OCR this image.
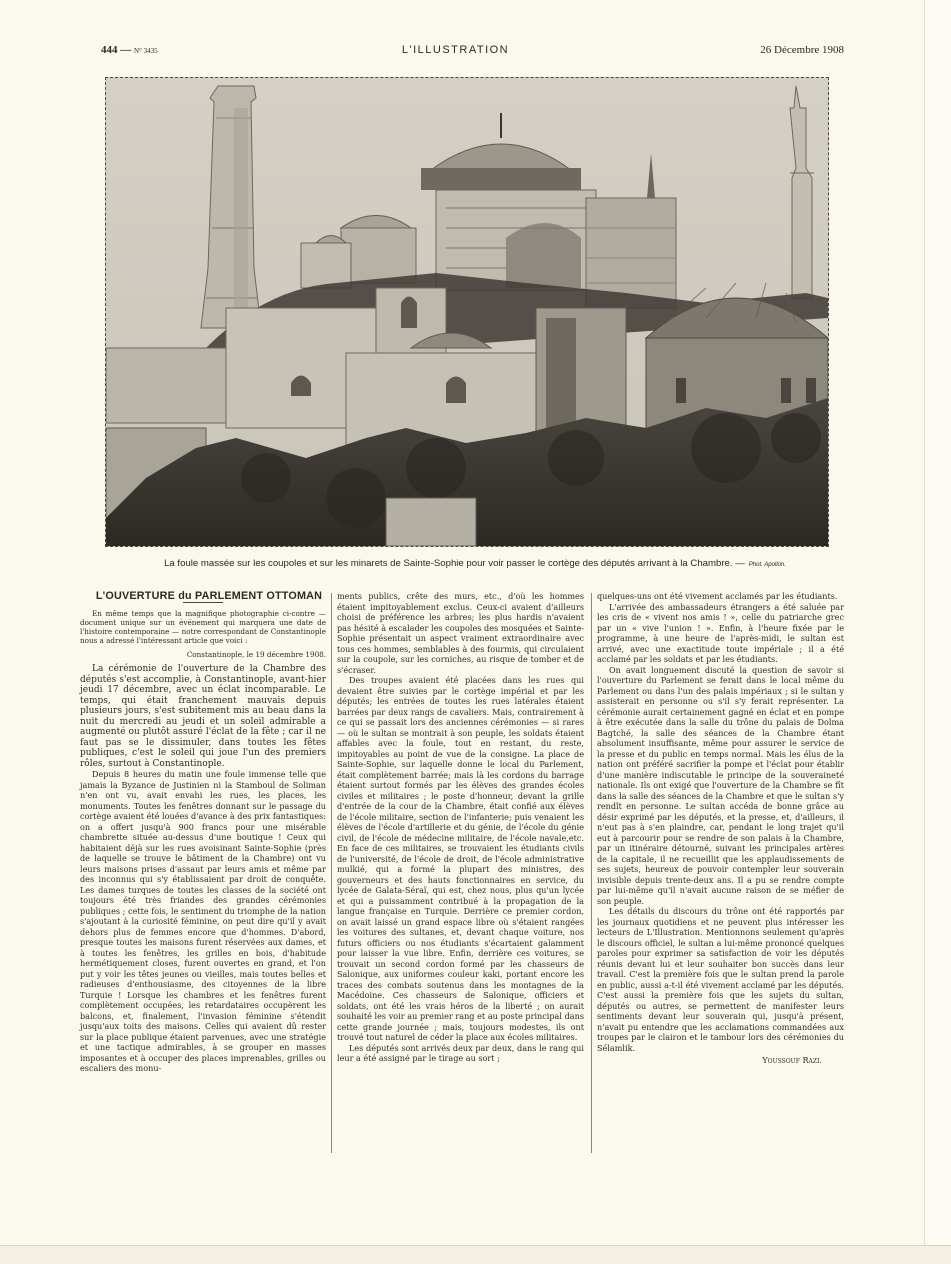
444 — N° 3435	L'ILLUSTRATION	26 Décembre 1908
La foule massée sur les coupoles et sur les minarets de Sainte-Sophie pour voir passer le cortège des députés arrivant à la Chambre. — Phot. Apollon.

L'OUVERTURE du PARLEMENT OTTOMAN

En même temps que la magnifique photographie ci-contre — document unique sur un événement qui marquera une date de l'histoire contemporaine — notre correspondant de Constantinople nous a adressé l'intéressant article que voici :

Constantinople, le 19 décembre 1908.

La cérémonie de l'ouverture de la Chambre des députés s'est accomplie, à Constantinople, avant-hier jeudi 17 décembre, avec un éclat incomparable. Le temps, qui était franchement mauvais depuis plusieurs jours, s'est subitement mis au beau dans la nuit du mercredi au jeudi et un soleil admirable a augmenté ou plutôt assuré l'éclat de la fête ; car il ne faut pas se le dissimuler, dans toutes les fêtes publiques, c'est le soleil qui joue l'un des premiers rôles, surtout à Constantinople.

Depuis 8 heures du matin une foule immense telle que jamais la Byzance de Justinien ni la Stamboul de Soliman n'en ont vu, avait envahi les rues, les places, les monuments. Toutes les fenêtres donnant sur le passage du cortège avaient été louées d'avance à des prix fantastiques: on a offert jusqu'à 900 francs pour une misérable chambrette située au-dessus d'une boutique ! Ceux qui habitaient déjà sur les rues avoisinant Sainte-Sophie (près de laquelle se trouve le bâtiment de la Chambre) ont vu leurs maisons prises d'assaut par leurs amis et même par des inconnus qui s'y établissaient par droit de conquête. Les dames turques de toutes les classes de la société ont toujours été très friandes des grandes cérémonies publiques ; cette fois, le sentiment du triomphe de la nation s'ajoutant à la curiosité féminine, on peut dire qu'il y avait dehors plus de femmes encore que d'hommes. D'abord, presque toutes les maisons furent réservées aux dames, et à toutes les fenêtres, les grilles en bois, d'habitude hermétiquement closes, furent ouvertes en grand, et l'on put y voir les têtes jeunes ou vieilles, mais toutes belles et radieuses d'enthousiasme, des citoyennes de la libre Turquie ! Lorsque les chambres et les fenêtres furent complètement occupées, les retardataires occupèrent les balcons, et, finalement, l'invasion féminine s'étendit jusqu'aux toits des maisons. Celles qui avaient dû rester sur la place publique étaient parvenues, avec une stratégie et une tactique admirables, à se grouper en masses imposantes et à occuper des places imprenables, grilles ou escaliers des monu-

ments publics, crête des murs, etc., d'où les hommes étaient impitoyablement exclus. Ceux-ci avaient d'ailleurs choisi de préférence les arbres; les plus hardis n'avaient pas hésité à escalader les coupoles des mosquées et Sainte-Sophie présentait un aspect vraiment extraordinaire avec tous ces hommes, semblables à des fourmis, qui circulaient sur la coupole, sur les corniches, au risque de tomber et de s'écraser.

Des troupes avaient été placées dans les rues qui devaient être suivies par le cortège impérial et par les députés; les entrées de toutes les rues latérales étaient barrées par deux rangs de cavaliers. Mais, contrairement à ce qui se passait lors des anciennes cérémonies — si rares — où le sultan se montrait à son peuple, les soldats étaient affables avec la foule, tout en restant, du reste, impitoyables au point de vue de la consigne. La place de Sainte-Sophie, sur laquelle donne le local du Parlement, était complètement barrée; mais là les cordons du barrage étaient surtout formés par les élèves des grandes écoles civiles et militaires ; le poste d'honneur, devant la grille d'entrée de la cour de la Chambre, était confié aux élèves de l'école militaire, section de l'infanterie; puis venaient les élèves de l'école d'artillerie et du génie, de l'école du génie civil, de l'école de médecine militaire, de l'école navale,etc. En face de ces militaires, se trouvaient les étudiants civils de l'université, de l'école de droit, de l'école administrative mulkié, qui a formé la plupart des ministres, des gouverneurs et des hauts fonctionnaires en service, du lycée de Galata-Séraï, qui est, chez nous, plus qu'un lycée et qui a puissamment contribué à la propagation de la langue française en Turquie. Derrière ce premier cordon, on avait laissé un grand espace libre où s'étaient rangées les voitures des sultanes, et, devant chaque voiture, nos futurs officiers ou nos étudiants s'écartaient galamment pour laisser la vue libre. Enfin, derrière ces voitures, se trouvait un second cordon formé par les chasseurs de Salonique, aux uniformes couleur kaki, portant encore les traces des combats soutenus dans les montagnes de la Macédoine. Ces chasseurs de Salonique, officiers et soldats, ont été les vrais héros de la liberté ; on aurait souhaité les voir au premier rang et au poste principal dans cette grande journée ; mais, toujours modestes, ils ont trouvé tout naturel de céder la place aux écoles militaires.

Les députés sont arrivés deux par deux, dans le rang qui leur a été assigné par le tirage au sort ;

quelques-uns ont été vivement acclamés par les étudiants.

L'arrivée des ambassadeurs étrangers a été saluée par les cris de « vivent nos amis ! », celle du patriarche grec par un « vive l'union ! ». Enfin, à l'heure fixée par le programme, à une heure de l'après-midi, le sultan est arrivé, avec une exactitude toute impériale ; il a été acclamé par les soldats et par les étudiants.

On avait longuement discuté la question de savoir si l'ouverture du Parlement se ferait dans le local même du Parlement ou dans l'un des palais impériaux ; si le sultan y assisterait en personne ou s'il s'y ferait représenter. La cérémonie aurait certainement gagné en éclat et en pompe à être exécutée dans la salle du trône du palais de Dolma Bagtché, la salle des séances de la Chambre étant absolument insuffisante, même pour assurer le service de la presse et du public en temps normal. Mais les élus de la nation ont préféré sacrifier la pompe et l'éclat pour établir d'une manière indiscutable le principe de la souveraineté nationale. Ils ont exigé que l'ouverture de la Chambre se fît dans la salle des séances de la Chambre et que le sultan s'y rendît en personne. Le sultan accéda de bonne grâce au désir exprimé par les députés, et la presse, et, d'ailleurs, il n'eut pas à s'en plaindre, car, pendant le long trajet qu'il eut à parcourir pour se rendre de son palais à la Chambre, par un itinéraire détourné, suivant les principales artères de la capitale, il ne recueillit que les applaudissements de ses sujets, heureux de pouvoir contempler leur souverain invisible depuis trente-deux ans. Il a pu se rendre compte par lui-même qu'il n'avait aucune raison de se méfier de son peuple.

Les détails du discours du trône ont été rapportés par les journaux quotidiens et ne peuvent plus intéresser les lecteurs de L'Illustration. Mentionnons seulement qu'après le discours officiel, le sultan a lui-même prononcé quelques paroles pour exprimer sa satisfaction de voir les députés réunis devant lui et leur souhaiter bon succès dans leur travail. C'est la première fois que le sultan prend la parole en public, aussi a-t-il été vivement acclamé par les députés. C'est aussi la première fois que les sujets du sultan, députés ou autres, se permettent de manifester leurs sentiments devant leur souverain qui, jusqu'à présent, n'avait pu entendre que les acclamations commandées aux troupes par le clairon et le tambour lors des cérémonies du Sélamlik.

Youssouf Razi.
